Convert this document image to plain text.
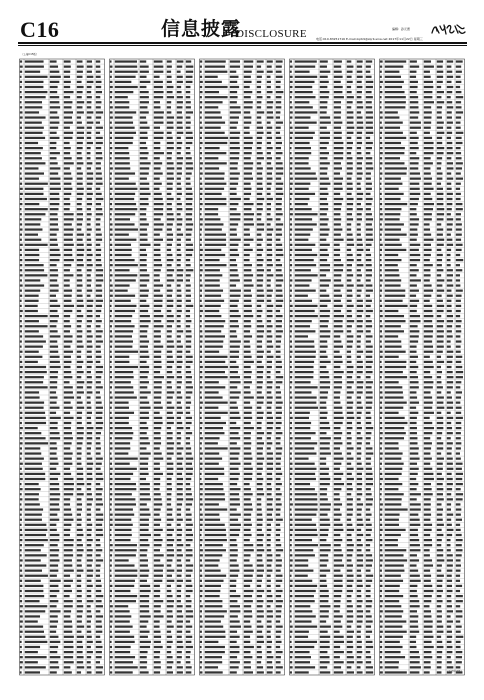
C16	信息披露
DISCLOSURE	编辑：孙元惠
电话:010-83251716 E-mail:zqrb9@zqrb.sina.net 2017年11月22日 星期三
（上接C15版）
（下转C17版）
